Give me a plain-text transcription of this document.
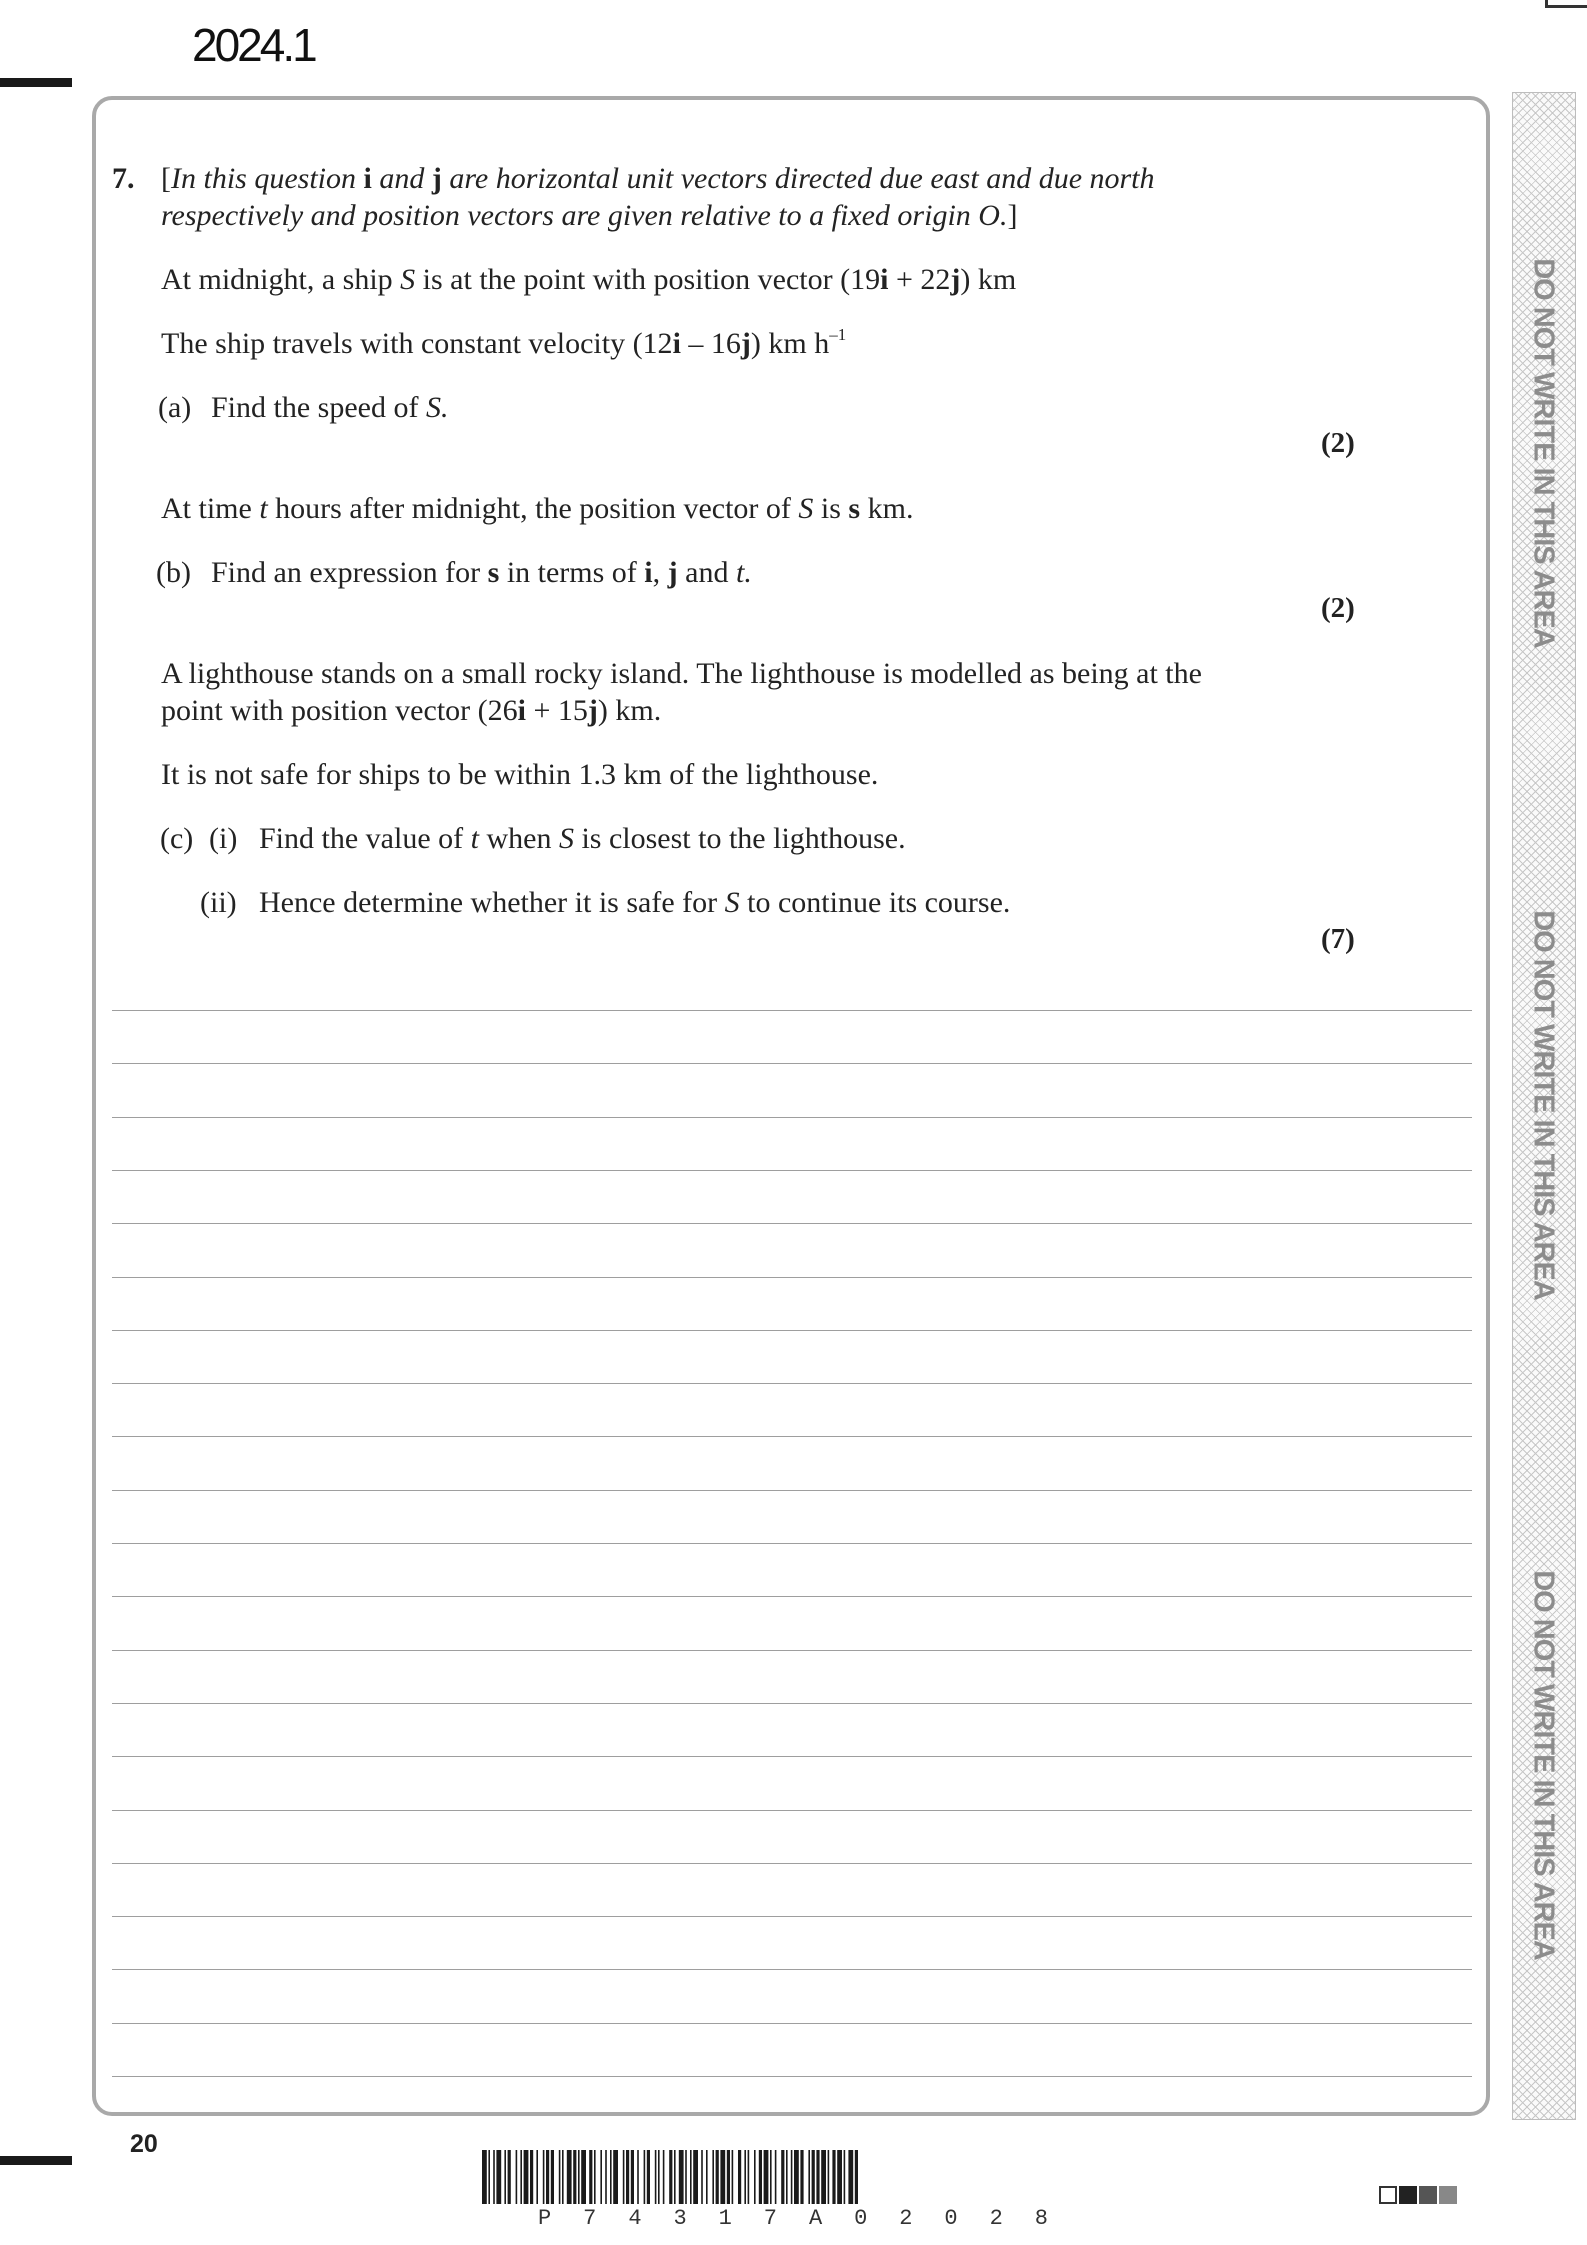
2024.1
DO NOT WRITE IN THIS AREA
DO NOT WRITE IN THIS AREA
DO NOT WRITE IN THIS AREA
7. [In this question i and j are horizontal unit vectors directed due east and due north
respectively and position vectors are given relative to a fixed origin O.]
At midnight, a ship S is at the point with position vector (19i + 22j) km
The ship travels with constant velocity (12i – 16j) km $h^{-1}$
(a) Find the speed of S.
(2)
At time t hours after midnight, the position vector of S is s km.
(b) Find an expression for s in terms of i, j and t.
(2)
A lighthouse stands on a small rocky island. The lighthouse is modelled as being at the
point with position vector (26i + 15j) km.
It is not safe for ships to be within 1.3 km of the lighthouse.
(c) (i) Find the value of t when S is closest to the lighthouse.
(ii) Hence determine whether it is safe for S to continue its course.
(7)
20
P 7 4 3 1 7 A 0 2 0 2 8
